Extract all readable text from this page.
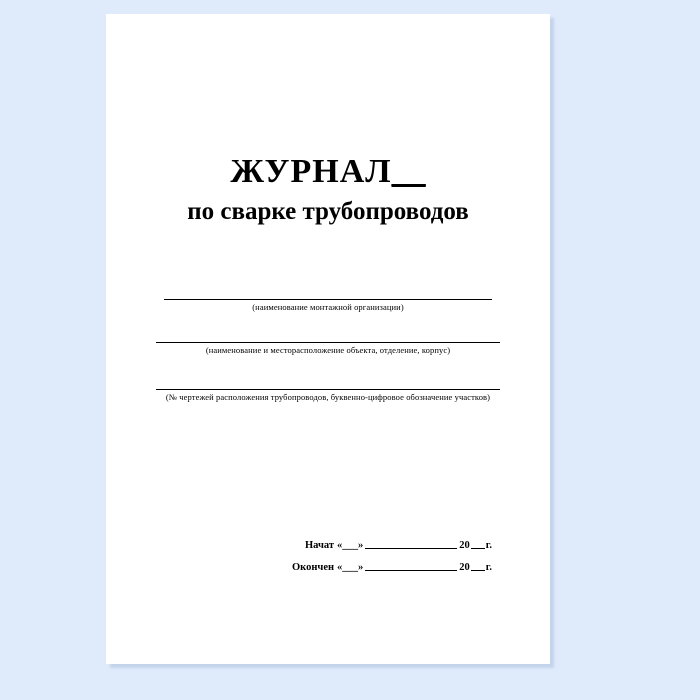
ЖУРНАЛ__
по сварке трубопроводов
(наименование монтажной организации)
(наименование и месторасположение объекта, отделение, корпус)
(№ чертежей расположения трубопроводов, буквенно-цифровое обозначение участков)
Начат «___»	20 г.
Окончен «___»	20 г.
